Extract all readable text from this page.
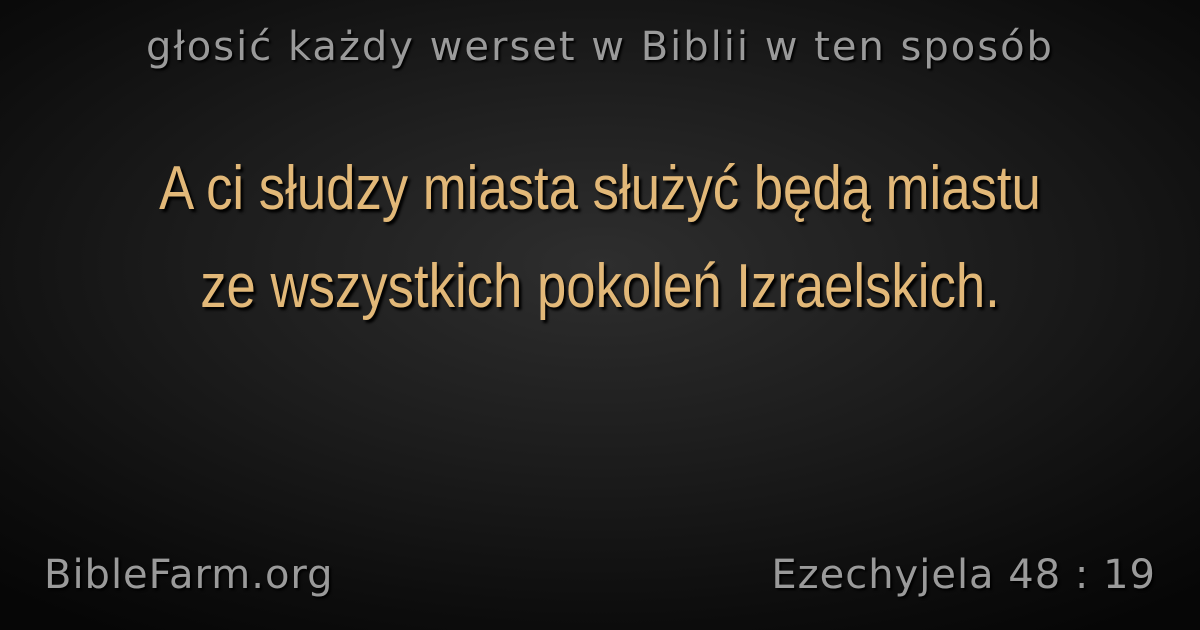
głosić każdy werset w Biblii w ten sposób
A ci słudzy miasta służyć będą miastu ze wszystkich pokoleń Izraelskich.
BibleFarm.org	Ezechyjela 48 : 19
